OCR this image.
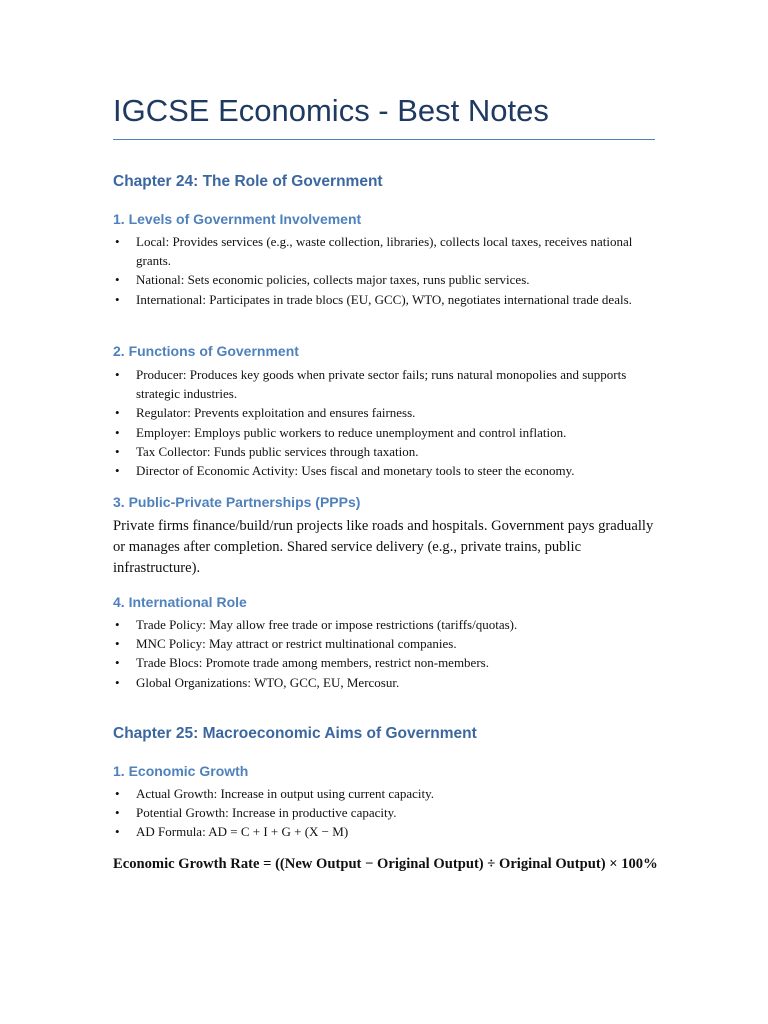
IGCSE Economics - Best Notes
Chapter 24: The Role of Government
1. Levels of Government Involvement
• Local: Provides services (e.g., waste collection, libraries), collects local taxes, receives national grants.
• National: Sets economic policies, collects major taxes, runs public services.
• International: Participates in trade blocs (EU, GCC), WTO, negotiates international trade deals.
2. Functions of Government
• Producer: Produces key goods when private sector fails; runs natural monopolies and supports strategic industries.
• Regulator: Prevents exploitation and ensures fairness.
• Employer: Employs public workers to reduce unemployment and control inflation.
• Tax Collector: Funds public services through taxation.
• Director of Economic Activity: Uses fiscal and monetary tools to steer the economy.
3. Public-Private Partnerships (PPPs)
Private firms finance/build/run projects like roads and hospitals. Government pays gradually or manages after completion. Shared service delivery (e.g., private trains, public infrastructure).
4. International Role
• Trade Policy: May allow free trade or impose restrictions (tariffs/quotas).
• MNC Policy: May attract or restrict multinational companies.
• Trade Blocs: Promote trade among members, restrict non-members.
• Global Organizations: WTO, GCC, EU, Mercosur.
Chapter 25: Macroeconomic Aims of Government
1. Economic Growth
• Actual Growth: Increase in output using current capacity.
• Potential Growth: Increase in productive capacity.
• AD Formula: AD = C + I + G + (X − M)
Economic Growth Rate = ((New Output − Original Output) ÷ Original Output) × 100%
